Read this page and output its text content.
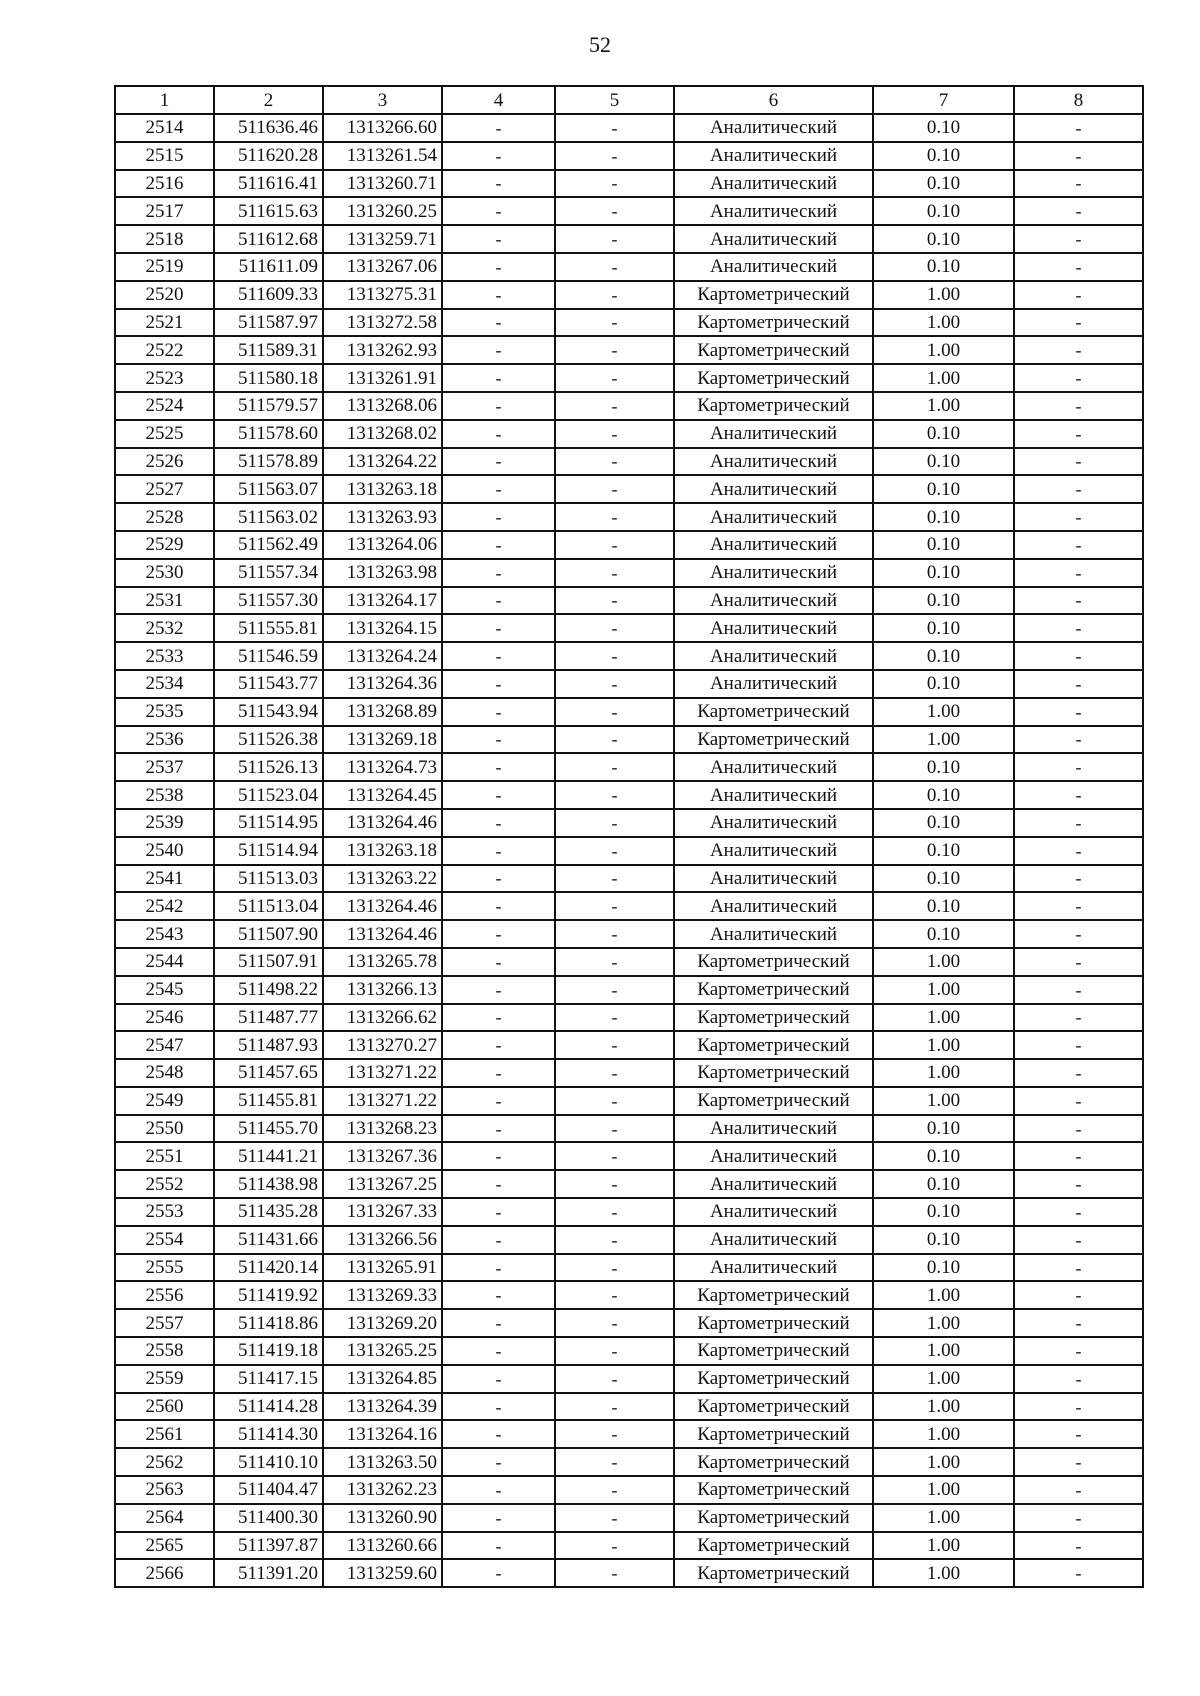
52
1	2	3	4	5	6	7	8
2514	511636.46	1313266.60	-	-	Аналитический	0.10	-
2515	511620.28	1313261.54	-	-	Аналитический	0.10	-
2516	511616.41	1313260.71	-	-	Аналитический	0.10	-
2517	511615.63	1313260.25	-	-	Аналитический	0.10	-
2518	511612.68	1313259.71	-	-	Аналитический	0.10	-
2519	511611.09	1313267.06	-	-	Аналитический	0.10	-
2520	511609.33	1313275.31	-	-	Картометрический	1.00	-
2521	511587.97	1313272.58	-	-	Картометрический	1.00	-
2522	511589.31	1313262.93	-	-	Картометрический	1.00	-
2523	511580.18	1313261.91	-	-	Картометрический	1.00	-
2524	511579.57	1313268.06	-	-	Картометрический	1.00	-
2525	511578.60	1313268.02	-	-	Аналитический	0.10	-
2526	511578.89	1313264.22	-	-	Аналитический	0.10	-
2527	511563.07	1313263.18	-	-	Аналитический	0.10	-
2528	511563.02	1313263.93	-	-	Аналитический	0.10	-
2529	511562.49	1313264.06	-	-	Аналитический	0.10	-
2530	511557.34	1313263.98	-	-	Аналитический	0.10	-
2531	511557.30	1313264.17	-	-	Аналитический	0.10	-
2532	511555.81	1313264.15	-	-	Аналитический	0.10	-
2533	511546.59	1313264.24	-	-	Аналитический	0.10	-
2534	511543.77	1313264.36	-	-	Аналитический	0.10	-
2535	511543.94	1313268.89	-	-	Картометрический	1.00	-
2536	511526.38	1313269.18	-	-	Картометрический	1.00	-
2537	511526.13	1313264.73	-	-	Аналитический	0.10	-
2538	511523.04	1313264.45	-	-	Аналитический	0.10	-
2539	511514.95	1313264.46	-	-	Аналитический	0.10	-
2540	511514.94	1313263.18	-	-	Аналитический	0.10	-
2541	511513.03	1313263.22	-	-	Аналитический	0.10	-
2542	511513.04	1313264.46	-	-	Аналитический	0.10	-
2543	511507.90	1313264.46	-	-	Аналитический	0.10	-
2544	511507.91	1313265.78	-	-	Картометрический	1.00	-
2545	511498.22	1313266.13	-	-	Картометрический	1.00	-
2546	511487.77	1313266.62	-	-	Картометрический	1.00	-
2547	511487.93	1313270.27	-	-	Картометрический	1.00	-
2548	511457.65	1313271.22	-	-	Картометрический	1.00	-
2549	511455.81	1313271.22	-	-	Картометрический	1.00	-
2550	511455.70	1313268.23	-	-	Аналитический	0.10	-
2551	511441.21	1313267.36	-	-	Аналитический	0.10	-
2552	511438.98	1313267.25	-	-	Аналитический	0.10	-
2553	511435.28	1313267.33	-	-	Аналитический	0.10	-
2554	511431.66	1313266.56	-	-	Аналитический	0.10	-
2555	511420.14	1313265.91	-	-	Аналитический	0.10	-
2556	511419.92	1313269.33	-	-	Картометрический	1.00	-
2557	511418.86	1313269.20	-	-	Картометрический	1.00	-
2558	511419.18	1313265.25	-	-	Картометрический	1.00	-
2559	511417.15	1313264.85	-	-	Картометрический	1.00	-
2560	511414.28	1313264.39	-	-	Картометрический	1.00	-
2561	511414.30	1313264.16	-	-	Картометрический	1.00	-
2562	511410.10	1313263.50	-	-	Картометрический	1.00	-
2563	511404.47	1313262.23	-	-	Картометрический	1.00	-
2564	511400.30	1313260.90	-	-	Картометрический	1.00	-
2565	511397.87	1313260.66	-	-	Картометрический	1.00	-
2566	511391.20	1313259.60	-	-	Картометрический	1.00	-
